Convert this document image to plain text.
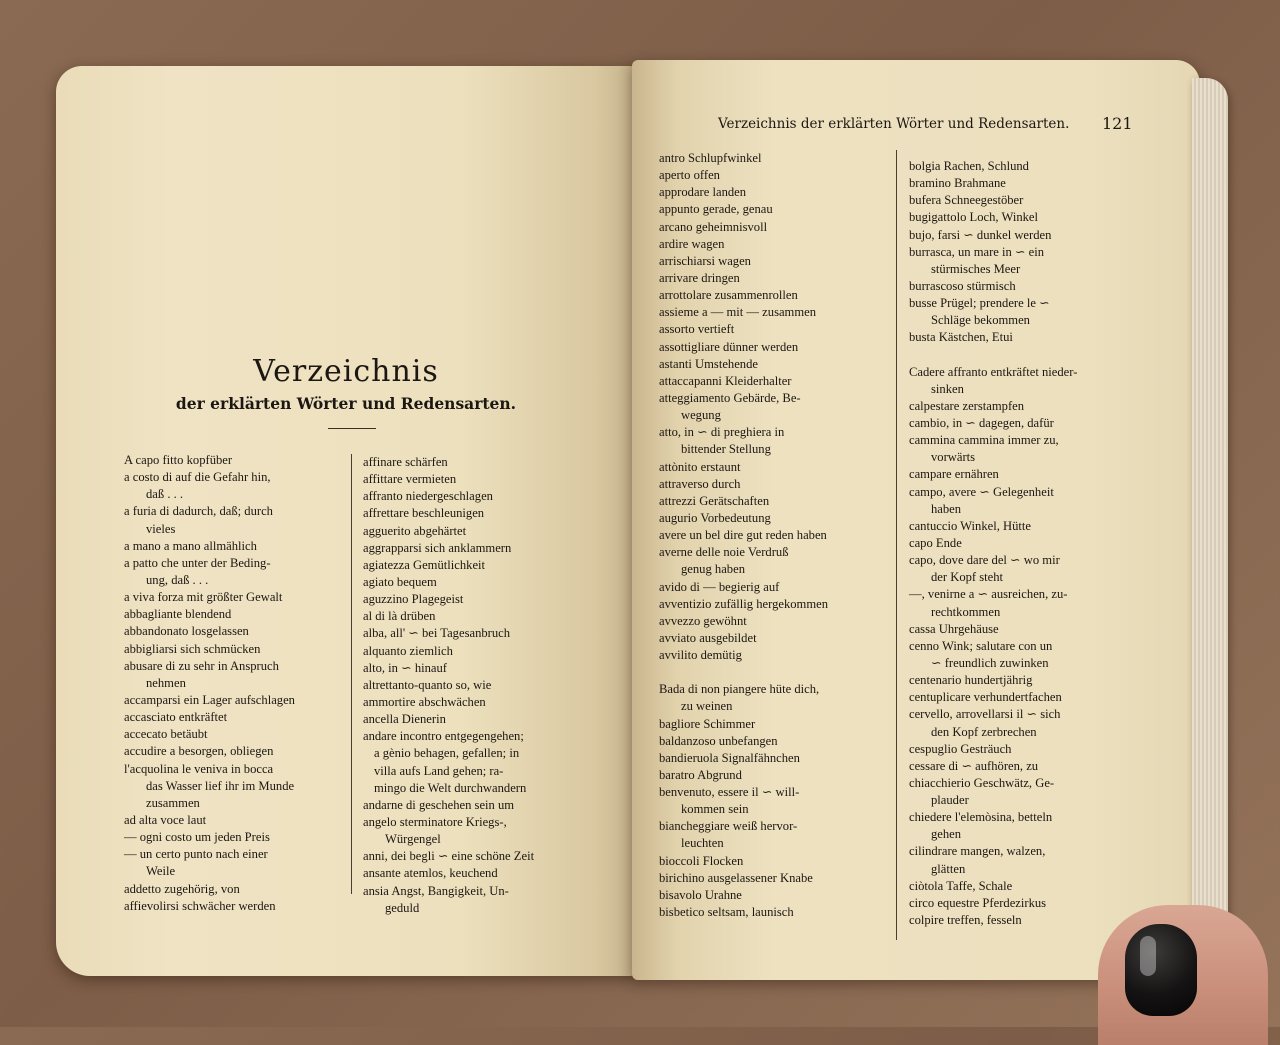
Verzeichnis
der erklärten Wörter und Redensarten.
A capo fitto kopfüber
a costo di auf die Gefahr hin,
daß . . .
a furia di dadurch, daß; durch
vieles
a mano a mano allmählich
a patto che unter der Beding-
ung, daß . . .
a viva forza mit größter Gewalt
abbagliante blendend
abbandonato losgelassen
abbigliarsi sich schmücken
abusare di zu sehr in Anspruch
nehmen
accamparsi ein Lager aufschlagen
accasciato entkräftet
accecato betäubt
accudire a besorgen, obliegen
l'acquolina le veniva in bocca
das Wasser lief ihr im Munde
zusammen
ad alta voce laut
— ogni costo um jeden Preis
— un certo punto nach einer
Weile
addetto zugehörig, von
affievolirsi schwächer werden
affinare schärfen
affittare vermieten
affranto niedergeschlagen
affrettare beschleunigen
agguerito abgehärtet
aggrapparsi sich anklammern
agiatezza Gemütlichkeit
agiato bequem
aguzzino Plagegeist
al di là drüben
alba, all' ∽ bei Tagesanbruch
alquanto ziemlich
alto, in ∽ hinauf
altrettanto-quanto so, wie
ammortire abschwächen
ancella Dienerin
andare incontro entgegengehen;
a gènio behagen, gefallen; in
villa aufs Land gehen; ra-
mingo die Welt durchwandern
andarne di geschehen sein um
angelo sterminatore Kriegs-,
Würgengel
anni, dei begli ∽ eine schöne Zeit
ansante atemlos, keuchend
ansia Angst, Bangigkeit, Un-
geduld
Verzeichnis der erklärten Wörter und Redensarten. 121
antro Schlupfwinkel
aperto offen
approdare landen
appunto gerade, genau
arcano geheimnisvoll
ardire wagen
arrischiarsi wagen
arrivare dringen
arrottolare zusammenrollen
assieme a — mit — zusammen
assorto vertieft
assottigliare dünner werden
astanti Umstehende
attaccapanni Kleiderhalter
atteggiamento Gebärde, Be-
wegung
atto, in ∽ di preghiera in
bittender Stellung
attònito erstaunt
attraverso durch
attrezzi Gerätschaften
augurio Vorbedeutung
avere un bel dire gut reden haben
averne delle noie Verdruß
genug haben
avido di — begierig auf
avventizio zufällig hergekommen
avvezzo gewöhnt
avviato ausgebildet
avvilito demütig
Bada di non piangere hüte dich,
zu weinen
bagliore Schimmer
baldanzoso unbefangen
bandieruola Signalfähnchen
baratro Abgrund
benvenuto, essere il ∽ will-
kommen sein
biancheggiare weiß hervor-
leuchten
bioccoli Flocken
birichino ausgelassener Knabe
bisavolo Urahne
bisbetico seltsam, launisch
bolgia Rachen, Schlund
bramino Brahmane
bufera Schneegestöber
bugigattolo Loch, Winkel
bujo, farsi ∽ dunkel werden
burrasca, un mare in ∽ ein
stürmisches Meer
burrascoso stürmisch
busse Prügel; prendere le ∽
Schläge bekommen
busta Kästchen, Etui
Cadere affranto entkräftet nieder-
sinken
calpestare zerstampfen
cambio, in ∽ dagegen, dafür
cammina cammina immer zu,
vorwärts
campare ernähren
campo, avere ∽ Gelegenheit
haben
cantuccio Winkel, Hütte
capo Ende
capo, dove dare del ∽ wo mir
der Kopf steht
—, venirne a ∽ ausreichen, zu-
rechtkommen
cassa Uhrgehäuse
cenno Wink; salutare con un
∽ freundlich zuwinken
centenario hundertjährig
centuplicare verhundertfachen
cervello, arrovellarsi il ∽ sich
den Kopf zerbrechen
cespuglio Gesträuch
cessare di ∽ aufhören, zu
chiacchierio Geschwätz, Ge-
plauder
chiedere l'elemòsina, betteln
gehen
cilindrare mangen, walzen,
glätten
ciòtola Taffe, Schale
circo equestre Pferdezirkus
colpire treffen, fesseln
